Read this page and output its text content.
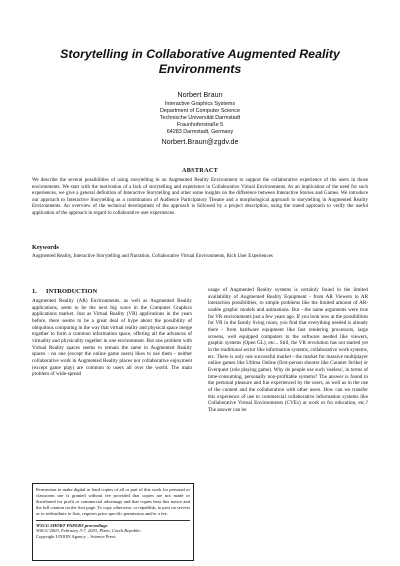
Storytelling in Collaborative Augmented Reality Environments
Norbert Braun
Interactive Graphics Systems
Department of Computer Science
Technische Universität Darmstadt
Fraunhoferstraße 5
64283 Darmstadt, Germany
Norbert.Braun@zgdv.de
ABSTRACT
We describe the several possibilities of using storytelling in an Augmented Reality Environment to support the collaborative experience of the users in those environments. We start with the motivation of a lack of storytelling and experience in Collaborative Virtual Environments. As an implication of the need for such experiences, we give a general definition of Interactive Storytelling and other some insights on the difference between Interactive Stories and Games. We introduce our approach to Interactive Storytelling as a combination of Audience Participatory Theatre and a morphological approach to storytelling in Augmented Reality Environments. An overview of the technical development of the approach is followed by a project description, using the stated approach to verify the useful application of the approach in regard to collaborative user experiences.
Keywords
Augmented Reality, Interactive Storytelling and Narration, Collaborative Virtual Environments, Rich User Experiences
1. INTRODUCTION
Augmented Reality (AR) Environments, as well as Augmented Reality applications, seem to be the next big wave in the Computer Graphics applications market. Just as Virtual Reality (VR) applications in the years before, there seems to be a great deal of hype about the possibility of ubiquitous computing in the way that virtual reality and physical space merge together to form a common information space, offering all the advances of virtuality and physicality together in one environment. But one problem with Virtual Reality spaces seems to remain the same in Augmented Reality spaces - no one (except the online game users) likes to use them - neither collaborative work in Augmented Reality places nor collaborative enjoyment (except game play) are common to users all over the world. The main problem of wide-spread
usage of Augmented Reality systems is certainly found in the limited availability of Augmented Reality Equipment - from AR Viewers to AR interaction possibilities, to simple problems like the limited amount of AR-usable graphic models and animations. But - the same arguments were true for VR environments just a few years ago. If you look now at the possibilities for VR in the family living room, you find that everything needed is already there - from hardware equipment like fast rendering processors, large screens, well equipped computers to the software needed like viewers, graphic systems (Open GL), etc... Still, the VR revolution has not started yet in the traditional sector like information systems, collaborative work systems, etc. There is only one successful market - the market for massive multiplayer online games like Ultima Online (first-person shooter like Counter Strike) or Everquest (role playing game). Why do people use such 'useless', in terms of time-consuming, personally non-profitable systems? The answer is found in the personal pleasure and fun experienced by the users, as well as in the use of the content and the collaboration with other users. How can we transfer this experience of use to commercial collaborative information systems like Collaborative Virtual Environments (CVEs) at work or for education, etc.? The answer can be
Permission to make digital or hard copies of all or part of this work for personal or classroom use is granted without fee provided that copies are not made or distributed for profit or commercial advantage and that copies bear this notice and the full citation on the first page. To copy otherwise, or republish, to post on servers or to redistribute to lists, requires prior specific permission and/or a fee.
WSCG SHORT PAPERS proceedings
WSCG'2003, February 3-7, 2003, Plzen, Czech Republic.
Copyright UNION Agency – Science Press
